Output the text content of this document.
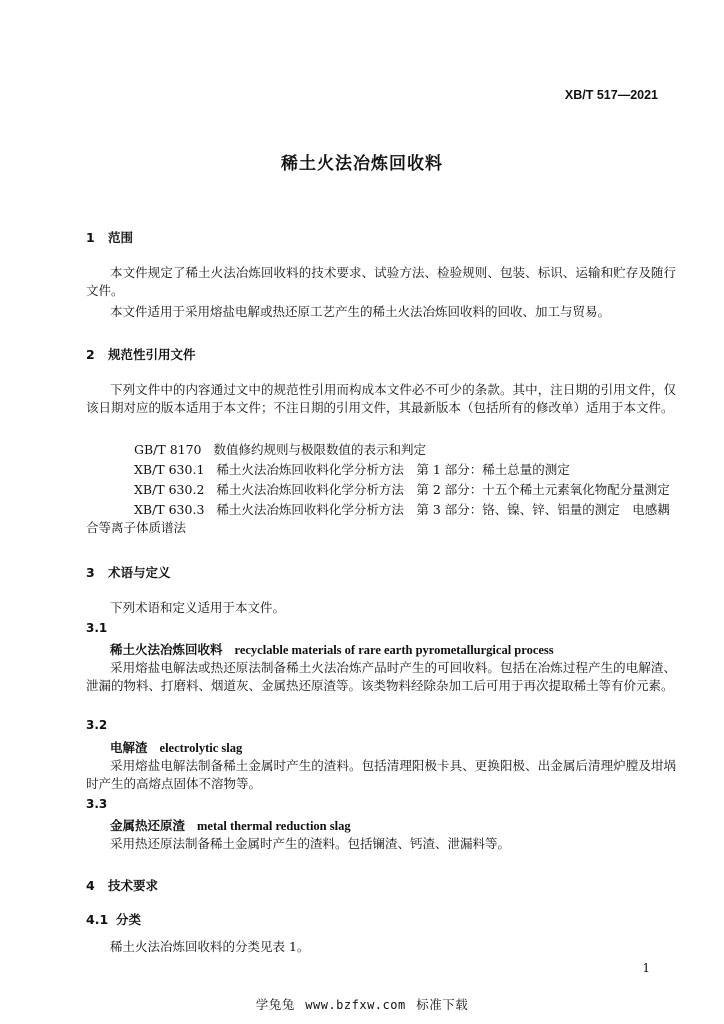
XB/T 517—2021
稀土火法冶炼回收料
1 范围
本文件规定了稀土火法冶炼回收料的技术要求、试验方法、检验规则、包装、标识、运输和贮存及随行文件。
本文件适用于采用熔盐电解或热还原工艺产生的稀土火法冶炼回收料的回收、加工与贸易。
2 规范性引用文件
下列文件中的内容通过文中的规范性引用而构成本文件必不可少的条款。其中，注日期的引用文件，仅该日期对应的版本适用于本文件；不注日期的引用文件，其最新版本（包括所有的修改单）适用于本文件。
GB/T 8170 数值修约规则与极限数值的表示和判定
XB/T 630.1 稀土火法冶炼回收料化学分析方法　第 1 部分：稀土总量的测定
XB/T 630.2 稀土火法冶炼回收料化学分析方法　第 2 部分：十五个稀土元素氧化物配分量测定
XB/T 630.3 稀土火法冶炼回收料化学分析方法　第 3 部分：铬、镍、锌、铝量的测定　电感耦合等离子体质谱法
3 术语与定义
下列术语和定义适用于本文件。
3.1
稀土火法冶炼回收料 recyclable materials of rare earth pyrometallurgical process
采用熔盐电解法或热还原法制备稀土火法冶炼产品时产生的可回收料。包括在冶炼过程产生的电解渣、泄漏的物料、打磨料、烟道灰、金属热还原渣等。该类物料经除杂加工后可用于再次提取稀土等有价元素。
3.2
电解渣 electrolytic slag
采用熔盐电解法制备稀土金属时产生的渣料。包括清理阳极卡具、更换阳极、出金属后清理炉膛及坩埚时产生的高熔点固体不溶物等。
3.3
金属热还原渣 metal thermal reduction slag
采用热还原法制备稀土金属时产生的渣料。包括镧渣、钙渣、泄漏料等。
4 技术要求
4.1 分类
稀土火法冶炼回收料的分类见表 1。
1
学兔兔 www.bzfxw.com 标准下载
